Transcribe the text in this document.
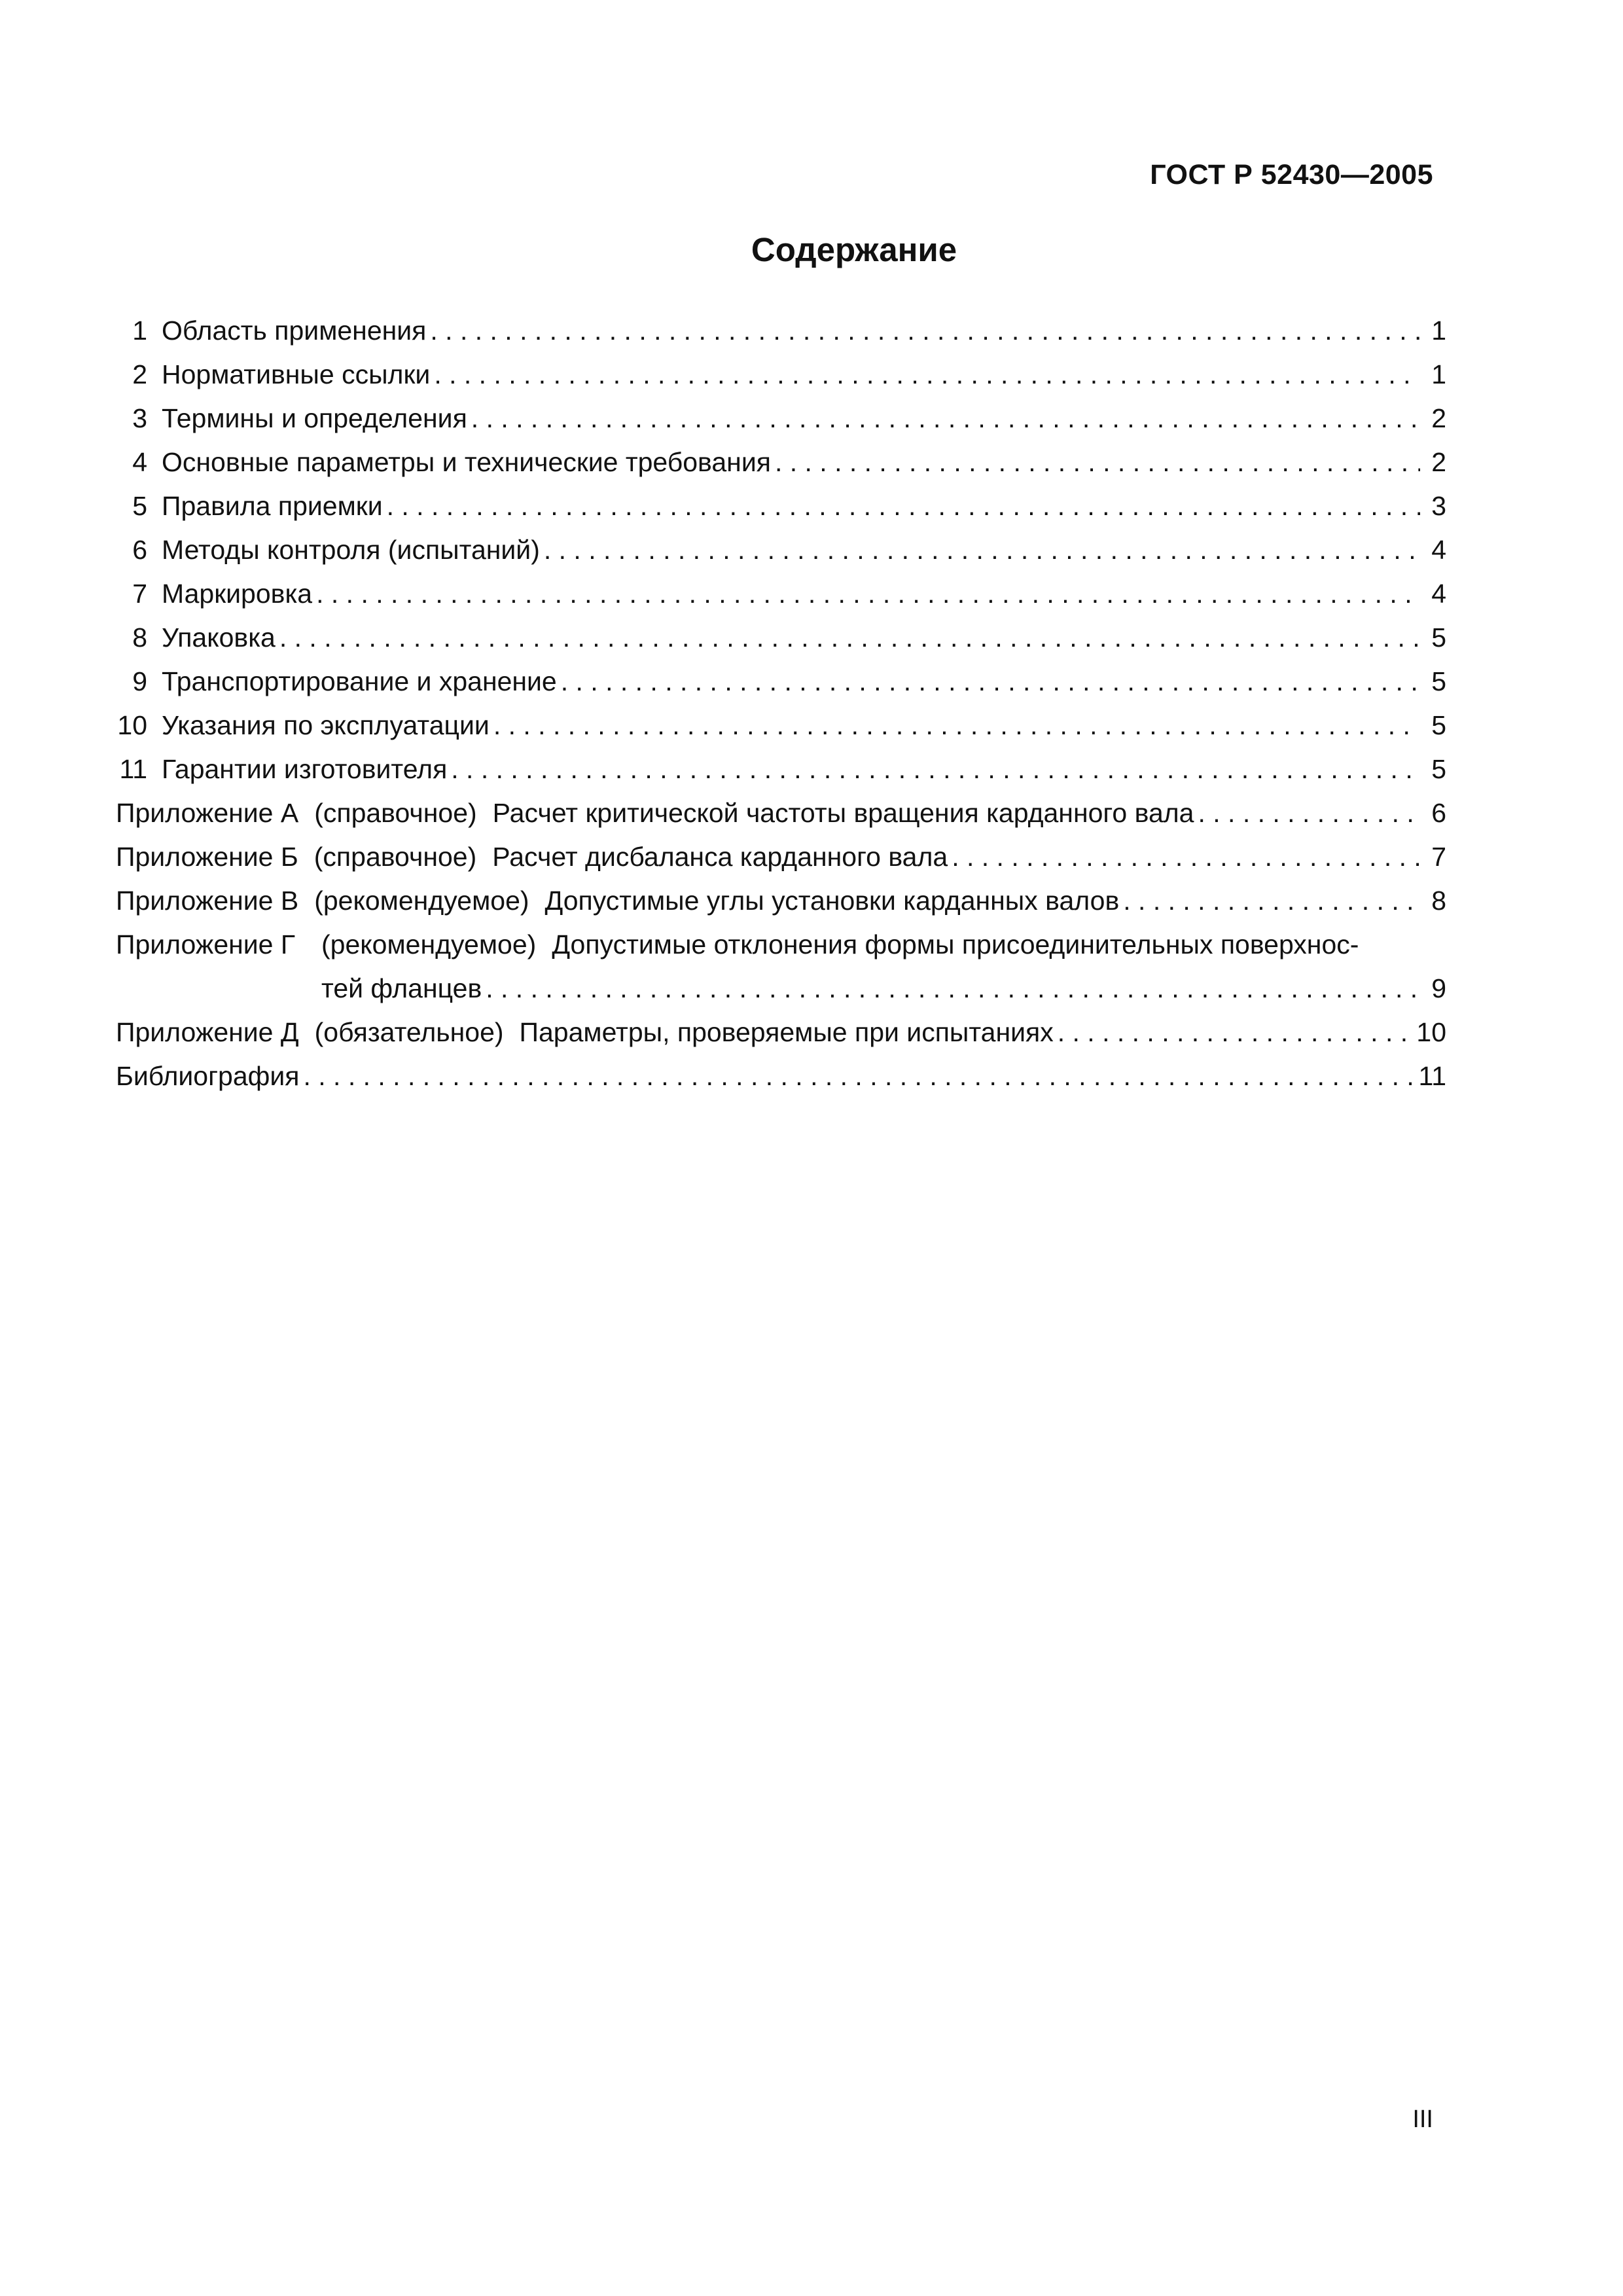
ГОСТ Р 52430—2005
Содержание
1 Область применения . . .	1
2 Нормативные ссылки . . .	1
3 Термины и определения . . .	2
4 Основные параметры и технические требования . . .	2
5 Правила приемки . . .	3
6 Методы контроля (испытаний) . . .	4
7 Маркировка . . .	4
8 Упаковка . . .	5
9 Транспортирование и хранение . . .	5
10 Указания по эксплуатации . . .	5
11 Гарантии изготовителя . . .	5
Приложение А (справочное) Расчет критической частоты вращения карданного вала . . .	6
Приложение Б (справочное) Расчет дисбаланса карданного вала . . .	7
Приложение В (рекомендуемое) Допустимые углы установки карданных валов . . .	8
Приложение Г (рекомендуемое) Допустимые отклонения формы присоединительных поверхнос-
тей фланцев . . .	9
Приложение Д (обязательное) Параметры, проверяемые при испытаниях . . .	10
Библиография . . .	11
III
